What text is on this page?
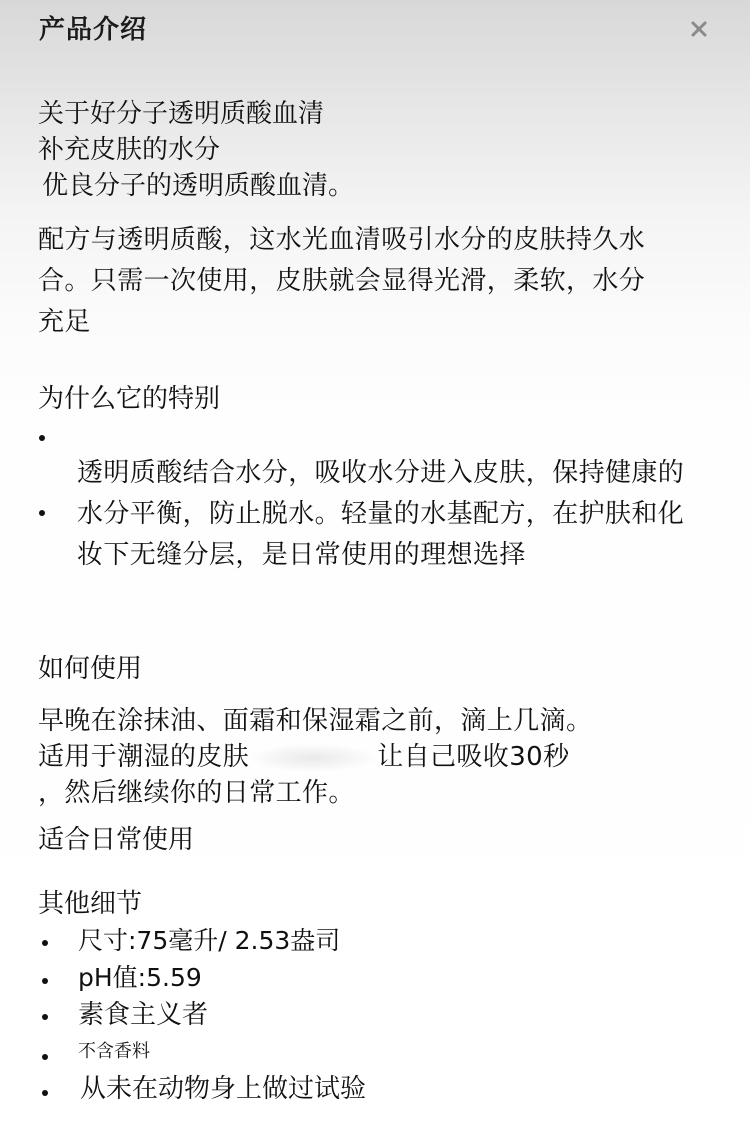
产品介绍
关于好分子透明质酸血清
补充皮肤的水分
优良分子的透明质酸血清。
配方与透明质酸，这水光血清吸引水分的皮肤持久水
合。只需一次使用，皮肤就会显得光滑，柔软，水分
充足
为什么它的特别
透明质酸结合水分，吸收水分进入皮肤，保持健康的
水分平衡，防止脱水。轻量的水基配方，在护肤和化
妆下无缝分层，是日常使用的理想选择
如何使用
早晚在涂抹油、面霜和保湿霜之前，滴上几滴。
适用于潮湿的皮肤	让自己吸收30秒
，然后继续你的日常工作。
适合日常使用
其他细节
尺寸:75毫升/ 2.53盎司
pH值:5.59
素食主义者
不含香料
从未在动物身上做过试验
